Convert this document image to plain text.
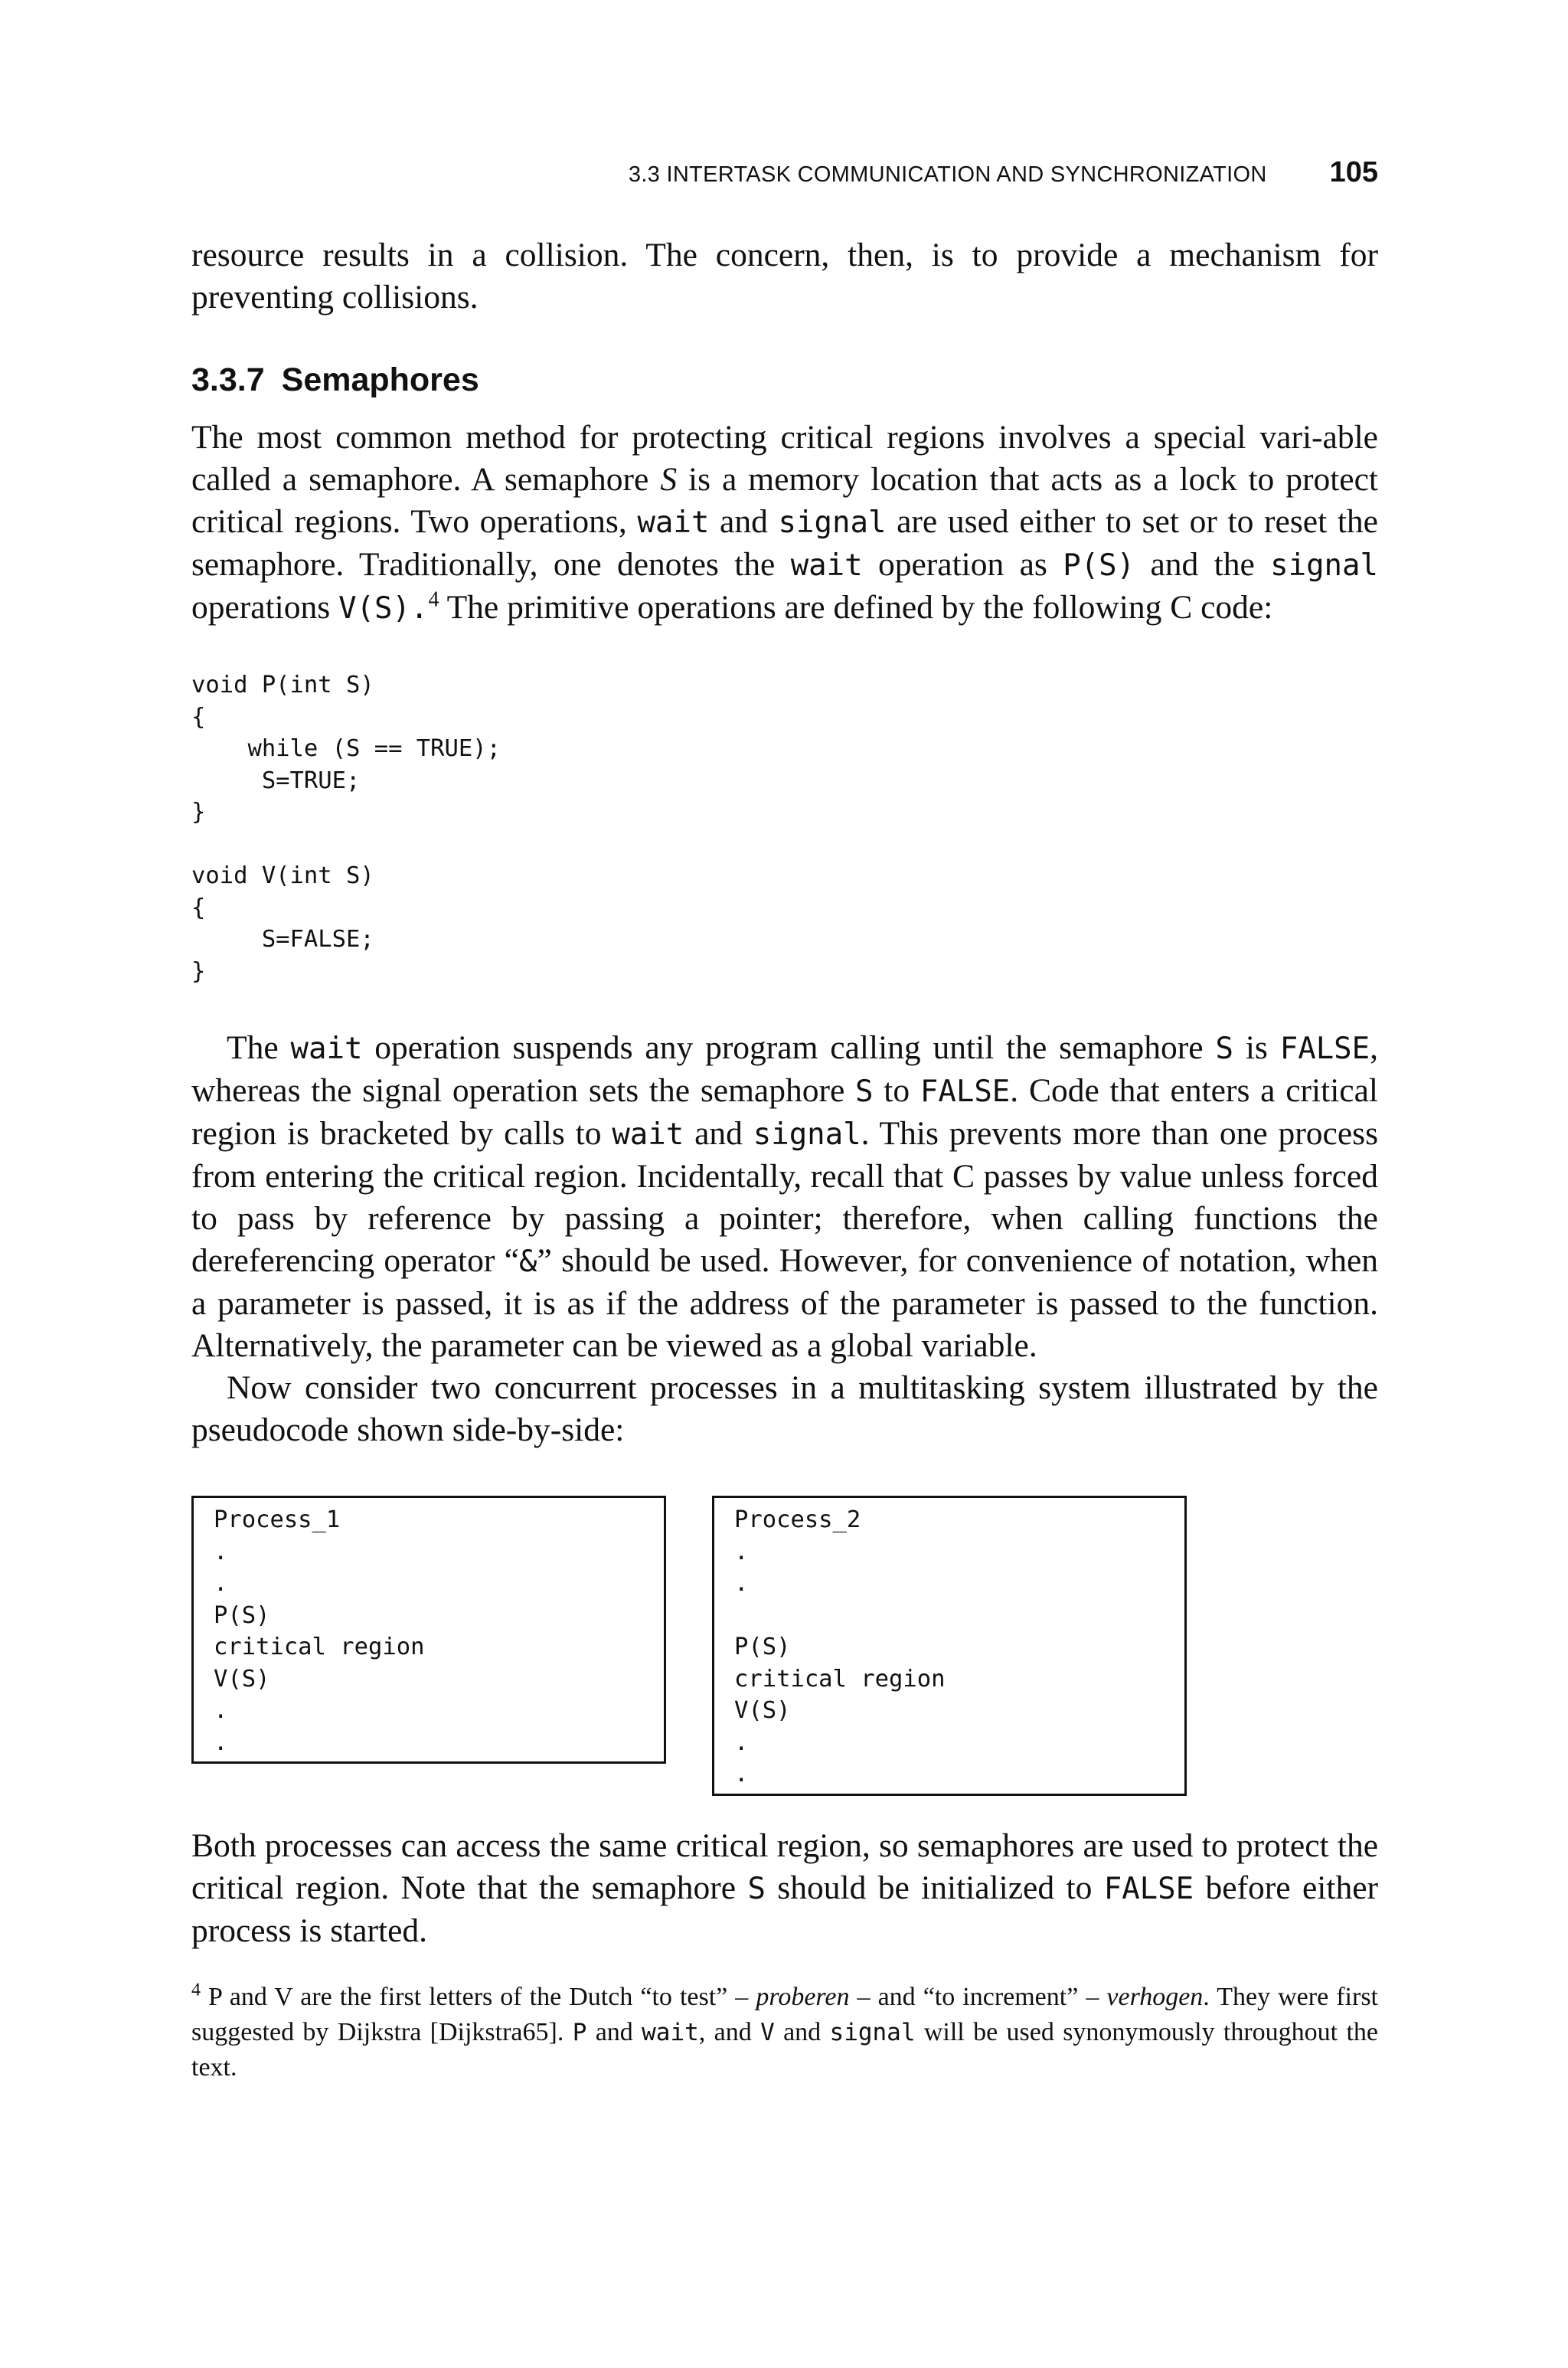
3.3 INTERTASK COMMUNICATION AND SYNCHRONIZATION 105

resource results in a collision. The concern, then, is to provide a mechanism for preventing collisions.

3.3.7 Semaphores

The most common method for protecting critical regions involves a special vari-able called a semaphore. A semaphore S is a memory location that acts as a lock to protect critical regions. Two operations, wait and signal are used either to set or to reset the semaphore. Traditionally, one denotes the wait operation as P(S) and the signal operations V(S).$^4$ The primitive operations are defined by the following C code:

void P(int S)
{
while (S == TRUE);
S=TRUE;
}

void V(int S)
{
S=FALSE;
}

The wait operation suspends any program calling until the semaphore S is FALSE, whereas the signal operation sets the semaphore S to FALSE. Code that enters a critical region is bracketed by calls to wait and signal. This prevents more than one process from entering the critical region. Incidentally, recall that C passes by value unless forced to pass by reference by passing a pointer; therefore, when calling functions the dereferencing operator “&” should be used. However, for convenience of notation, when a parameter is passed, it is as if the address of the parameter is passed to the function. Alternatively, the parameter can be viewed as a global variable.

Now consider two concurrent processes in a multitasking system illustrated by the pseudocode shown side-by-side:

Process_1
.
.
P(S)
critical region
V(S)
.
.
Process_2
.
.

P(S)
critical region
V(S)
.
.

Both processes can access the same critical region, so semaphores are used to protect the critical region. Note that the semaphore S should be initialized to FALSE before either process is started.

$^4$ P and V are the first letters of the Dutch “to test” – proberen – and “to increment” – verhogen. They were first suggested by Dijkstra [Dijkstra65]. P and wait, and V and signal will be used synonymously throughout the text.
